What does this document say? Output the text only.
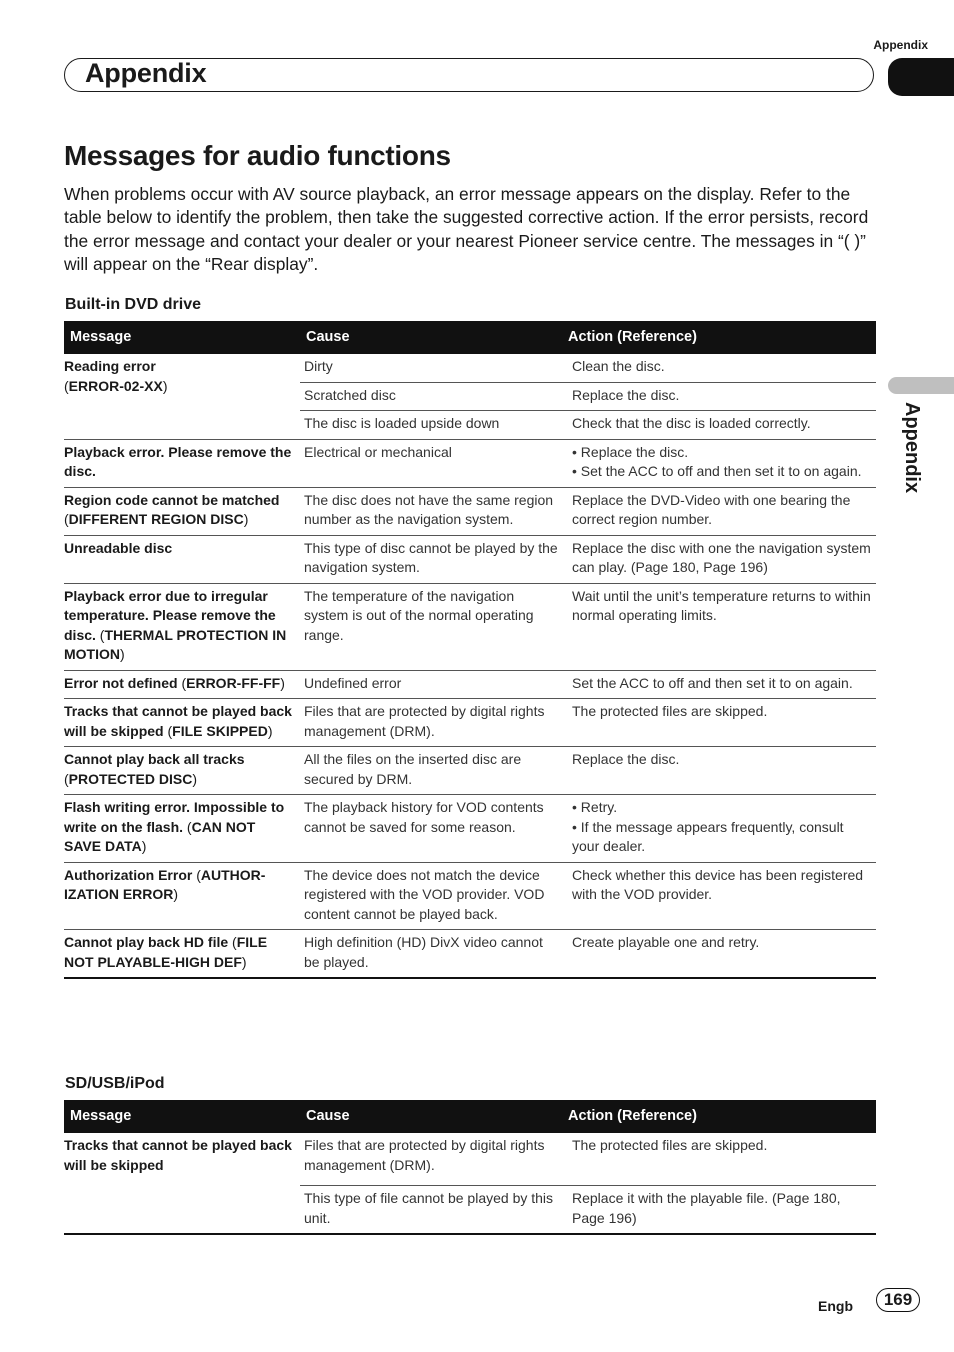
Appendix
Appendix
Appendix
Messages for audio functions

When problems occur with AV source playback, an error message appears on the display. Refer to the table below to identify the problem, then take the suggested corrective action. If the error persists, record the error message and contact your dealer or your nearest Pioneer service centre. The messages in “( )” will appear on the “Rear display”.

Built-in DVD drive
Message	Cause	Action (Reference)
Reading error
(ERROR-02-XX)	Dirty	Clean the disc.
	Scratched disc	Replace the disc.
	The disc is loaded upside down	Check that the disc is loaded correctly.
Playback error. Please remove the disc.	Electrical or mechanical	• Replace the disc.
• Set the ACC to off and then set it to on again.

Region code cannot be matched (DIFFERENT REGION DISC)	The disc does not have the same region number as the navigation system.	Replace the DVD-Video with one bearing the correct region number.
Unreadable disc	This type of disc cannot be played by the navigation system.	Replace the disc with one the navigation system can play. (Page 180, Page 196)
Playback error due to irregular temperature. Please remove the disc. (THERMAL PROTECTION IN MOTION)	The temperature of the navigation system is out of the normal operating range.	Wait until the unit’s temperature returns to within normal operating limits.
Error not defined (ERROR-FF-FF)	Undefined error	Set the ACC to off and then set it to on again.
Tracks that cannot be played back will be skipped (FILE SKIPPED)	Files that are protected by digital rights management (DRM).	The protected files are skipped.
Cannot play back all tracks (PROTECTED DISC)	All the files on the inserted disc are secured by DRM.	Replace the disc.
Flash writing error. Impossible to write on the flash. (CAN NOT SAVE DATA)	The playback history for VOD contents cannot be saved for some reason.	• Retry.
• If the message appears frequently, consult your dealer.

Authorization Error (AUTHORIZATION ERROR)	The device does not match the device registered with the VOD provider. VOD content cannot be played back.	Check whether this device has been registered with the VOD provider.
Cannot play back HD file (FILE NOT PLAYABLE-HIGH DEF)	High definition (HD) DivX video cannot be played.	Create playable one and retry.
SD/USB/iPod
Message	Cause	Action (Reference)
Tracks that cannot be played back will be skipped	Files that are protected by digital rights management (DRM).	The protected files are skipped.
	This type of file cannot be played by this unit.	Replace it with the playable file. (Page 180, Page 196)
Engb	169
